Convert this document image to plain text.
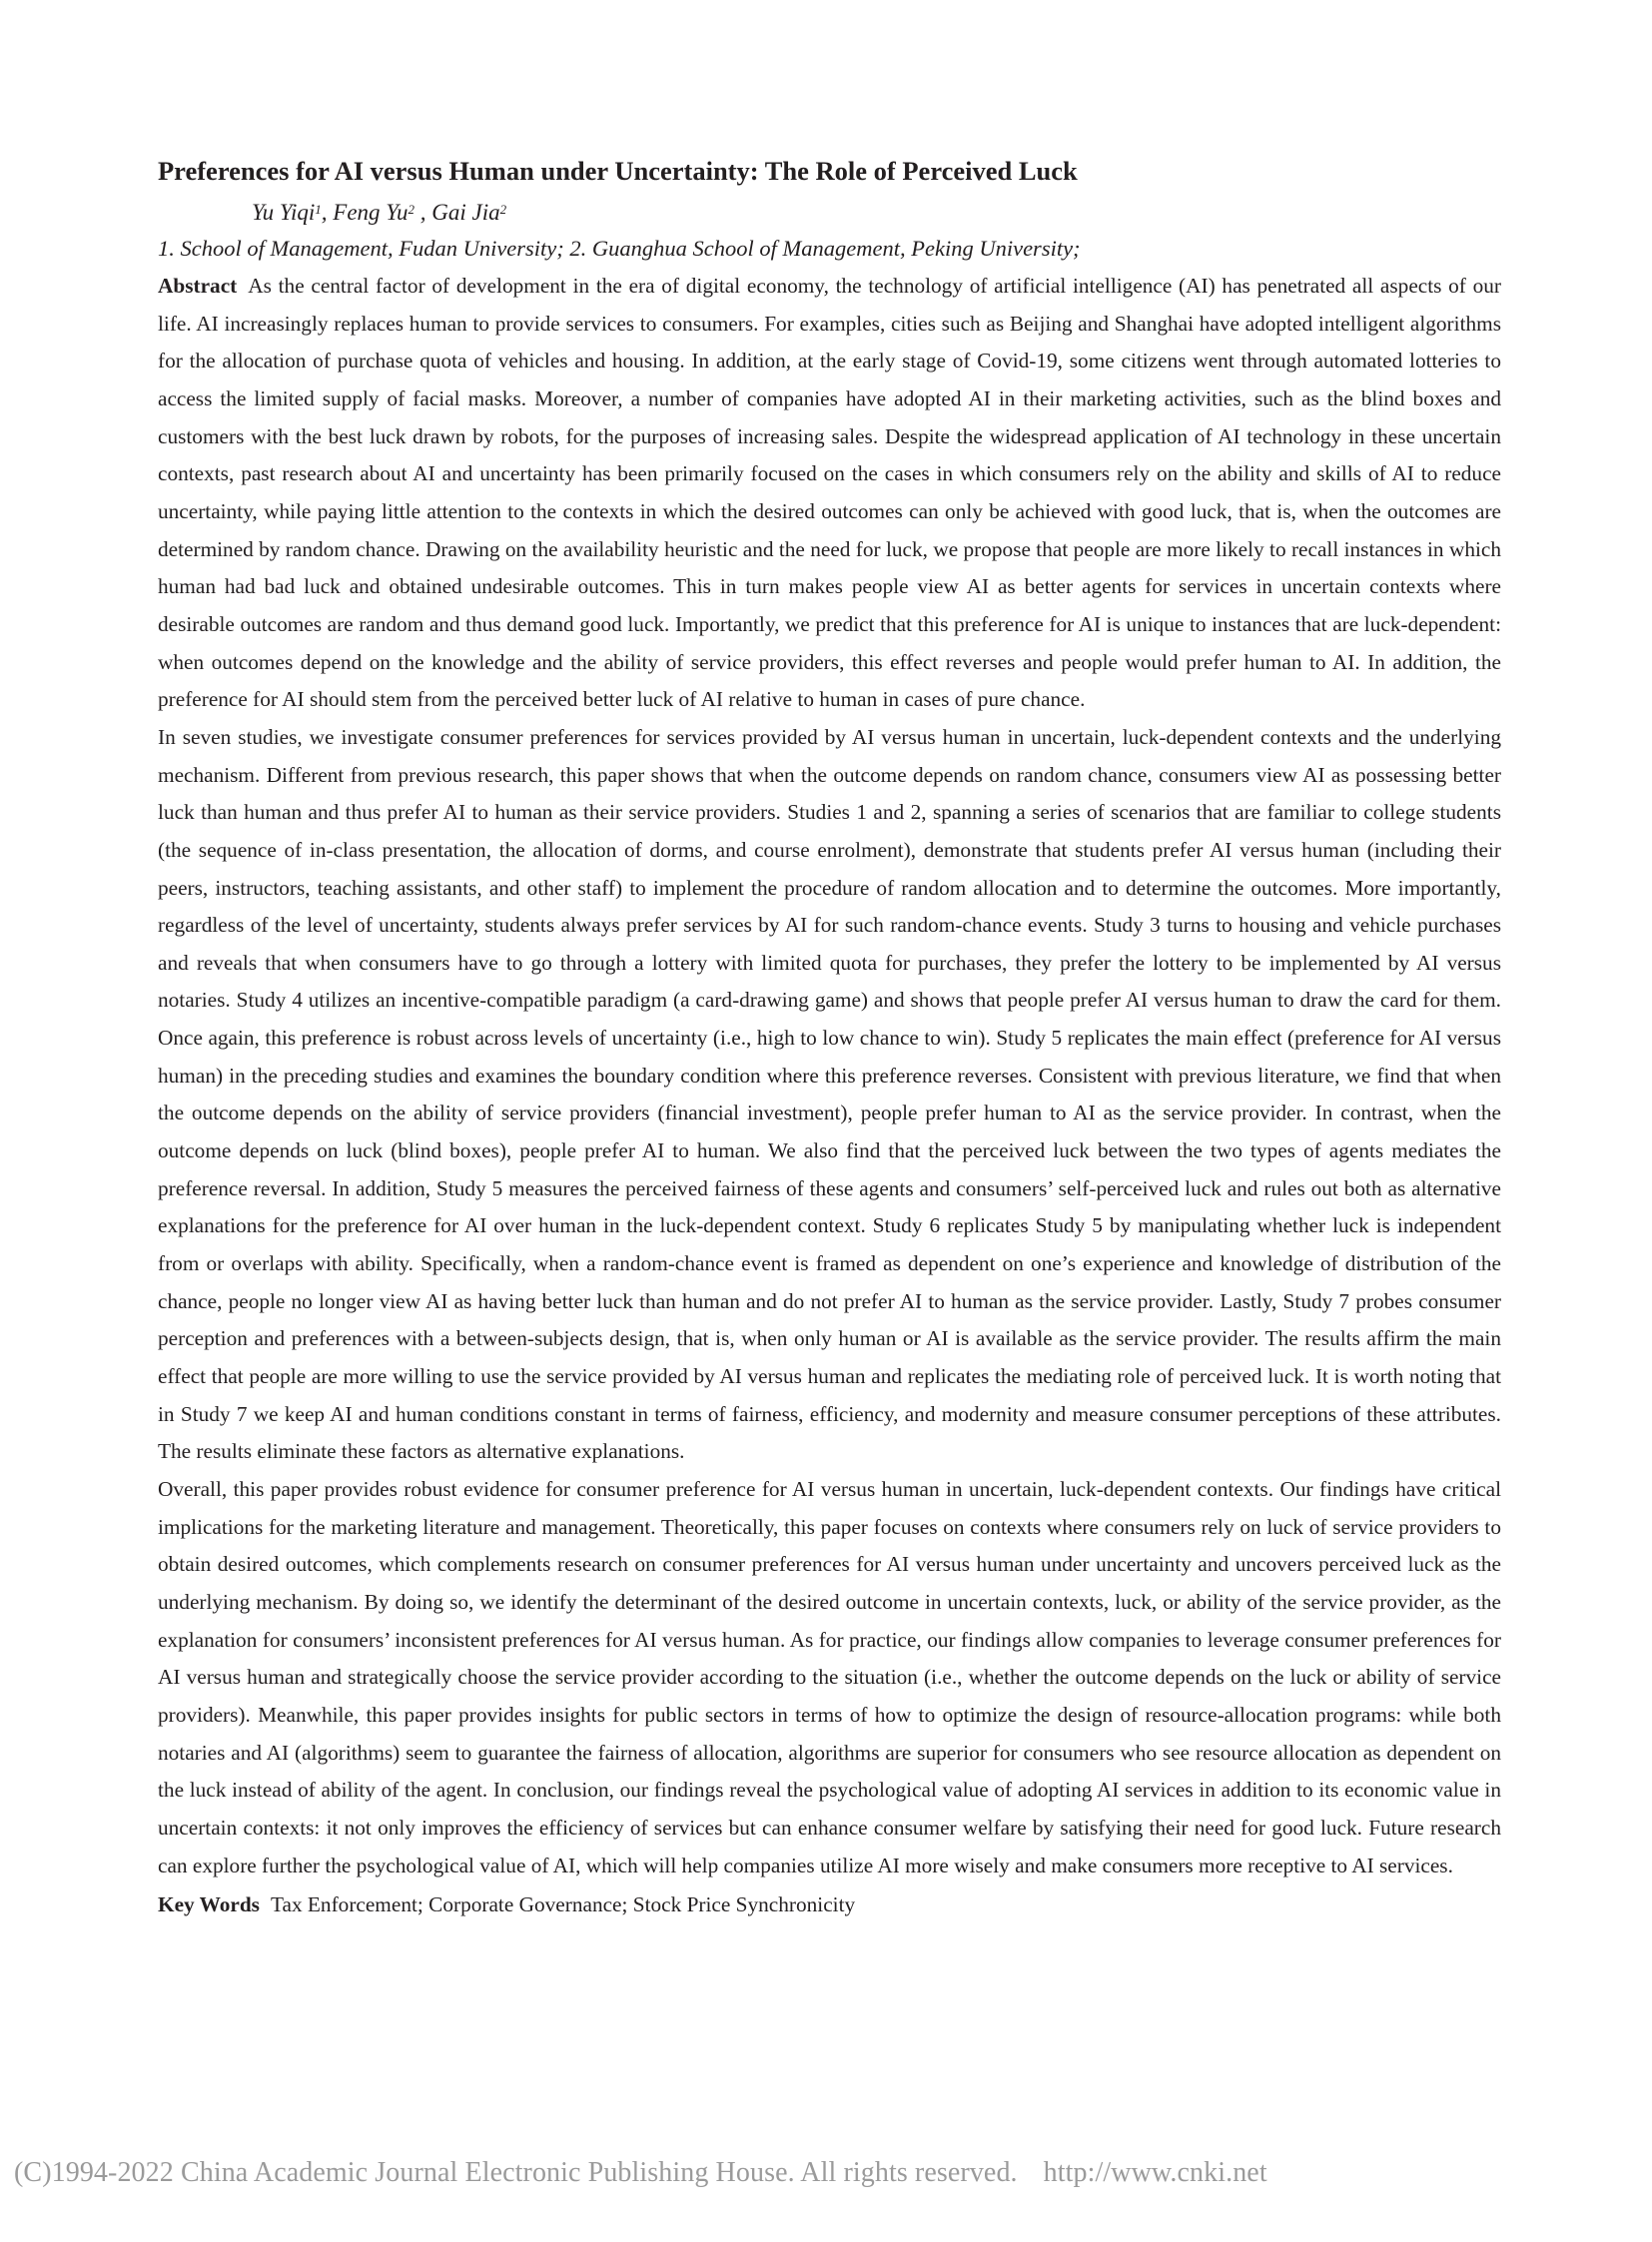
Preferences for AI versus Human under Uncertainty: The Role of Perceived Luck
Yu Yiqi$^1$, Feng Yu$^2$ , Gai Jia$^2$

1. School of Management, Fudan University; 2. Guanghua School of Management, Peking University;

Abstract As the central factor of development in the era of digital economy, the technology of artificial intelligence (AI) has penetrated all aspects of our life. AI increasingly replaces human to provide services to consumers. For examples, cities such as Beijing and Shanghai have adopted intelligent algorithms for the allocation of purchase quota of vehicles and housing. In addition, at the early stage of Covid-19, some citizens went through automated lotteries to access the limited supply of facial masks. Moreover, a number of companies have adopted AI in their marketing activities, such as the blind boxes and customers with the best luck drawn by robots, for the purposes of increasing sales. Despite the widespread application of AI technology in these uncertain contexts, past research about AI and uncertainty has been primarily focused on the cases in which consumers rely on the ability and skills of AI to reduce uncertainty, while paying little attention to the contexts in which the desired outcomes can only be achieved with good luck, that is, when the outcomes are determined by random chance. Drawing on the availability heuristic and the need for luck, we propose that people are more likely to recall instances in which human had bad luck and obtained undesirable outcomes. This in turn makes people view AI as better agents for services in uncertain contexts where desirable outcomes are random and thus demand good luck. Importantly, we predict that this preference for AI is unique to instances that are luck-dependent: when outcomes depend on the knowledge and the ability of service providers, this effect reverses and people would prefer human to AI. In addition, the preference for AI should stem from the perceived better luck of AI relative to human in cases of pure chance.

In seven studies, we investigate consumer preferences for services provided by AI versus human in uncertain, luck-dependent contexts and the underlying mechanism. Different from previous research, this paper shows that when the outcome depends on random chance, consumers view AI as possessing better luck than human and thus prefer AI to human as their service providers. Studies 1 and 2, spanning a series of scenarios that are familiar to college students (the sequence of in-class presentation, the allocation of dorms, and course enrolment), demonstrate that students prefer AI versus human (including their peers, instructors, teaching assistants, and other staff) to implement the procedure of random allocation and to determine the outcomes. More importantly, regardless of the level of uncertainty, students always prefer services by AI for such random-chance events. Study 3 turns to housing and vehicle purchases and reveals that when consumers have to go through a lottery with limited quota for purchases, they prefer the lottery to be implemented by AI versus notaries. Study 4 utilizes an incentive-compatible paradigm (a card-drawing game) and shows that people prefer AI versus human to draw the card for them. Once again, this preference is robust across levels of uncertainty (i.e., high to low chance to win). Study 5 replicates the main effect (preference for AI versus human) in the preceding studies and examines the boundary condition where this preference reverses. Consistent with previous literature, we find that when the outcome depends on the ability of service providers (financial investment), people prefer human to AI as the service provider. In contrast, when the outcome depends on luck (blind boxes), people prefer AI to human. We also find that the perceived luck between the two types of agents mediates the preference reversal. In addition, Study 5 measures the perceived fairness of these agents and consumers’ self-perceived luck and rules out both as alternative explanations for the preference for AI over human in the luck-dependent context. Study 6 replicates Study 5 by manipulating whether luck is independent from or overlaps with ability. Specifically, when a random-chance event is framed as dependent on one’s experience and knowledge of distribution of the chance, people no longer view AI as having better luck than human and do not prefer AI to human as the service provider. Lastly, Study 7 probes consumer perception and preferences with a between-subjects design, that is, when only human or AI is available as the service provider. The results affirm the main effect that people are more willing to use the service provided by AI versus human and replicates the mediating role of perceived luck. It is worth noting that in Study 7 we keep AI and human conditions constant in terms of fairness, efficiency, and modernity and measure consumer perceptions of these attributes. The results eliminate these factors as alternative explanations.

Overall, this paper provides robust evidence for consumer preference for AI versus human in uncertain, luck-dependent contexts. Our findings have critical implications for the marketing literature and management. Theoretically, this paper focuses on contexts where consumers rely on luck of service providers to obtain desired outcomes, which complements research on consumer preferences for AI versus human under uncertainty and uncovers perceived luck as the underlying mechanism. By doing so, we identify the determinant of the desired outcome in uncertain contexts, luck, or ability of the service provider, as the explanation for consumers’ inconsistent preferences for AI versus human. As for practice, our findings allow companies to leverage consumer preferences for AI versus human and strategically choose the service provider according to the situation (i.e., whether the outcome depends on the luck or ability of service providers). Meanwhile, this paper provides insights for public sectors in terms of how to optimize the design of resource-allocation programs: while both notaries and AI (algorithms) seem to guarantee the fairness of allocation, algorithms are superior for consumers who see resource allocation as dependent on the luck instead of ability of the agent. In conclusion, our findings reveal the psychological value of adopting AI services in addition to its economic value in uncertain contexts: it not only improves the efficiency of services but can enhance consumer welfare by satisfying their need for good luck. Future research can explore further the psychological value of AI, which will help companies utilize AI more wisely and make consumers more receptive to AI services.

Key Words Tax Enforcement; Corporate Governance; Stock Price Synchronicity

(C)1994-2022 China Academic Journal Electronic Publishing House. All rights reserved. http://www.cnki.net
